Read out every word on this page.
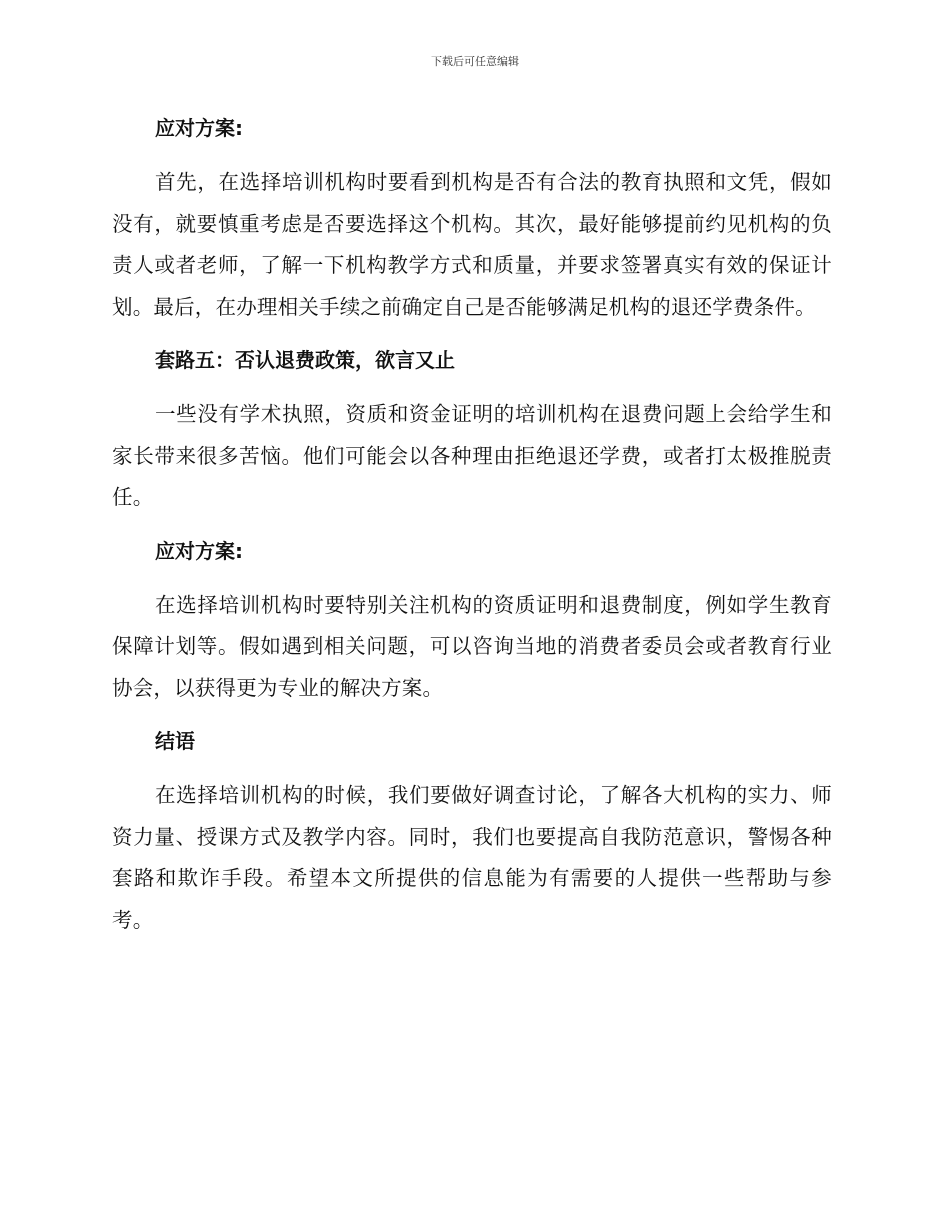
下载后可任意编辑
应对方案:

首先，在选择培训机构时要看到机构是否有合法的教育执照和文凭，假如没有，就要慎重考虑是否要选择这个机构。其次，最好能够提前约见机构的负责人或者老师，了解一下机构教学方式和质量，并要求签署真实有效的保证计划。最后，在办理相关手续之前确定自己是否能够满足机构的退还学费条件。

套路五：否认退费政策，欲言又止

一些没有学术执照，资质和资金证明的培训机构在退费问题上会给学生和家长带来很多苦恼。他们可能会以各种理由拒绝退还学费，或者打太极推脱责任。

应对方案:

在选择培训机构时要特别关注机构的资质证明和退费制度，例如学生教育保障计划等。假如遇到相关问题，可以咨询当地的消费者委员会或者教育行业协会，以获得更为专业的解决方案。

结语

在选择培训机构的时候，我们要做好调查讨论，了解各大机构的实力、师资力量、授课方式及教学内容。同时，我们也要提高自我防范意识，警惕各种套路和欺诈手段。希望本文所提供的信息能为有需要的人提供一些帮助与参考。
